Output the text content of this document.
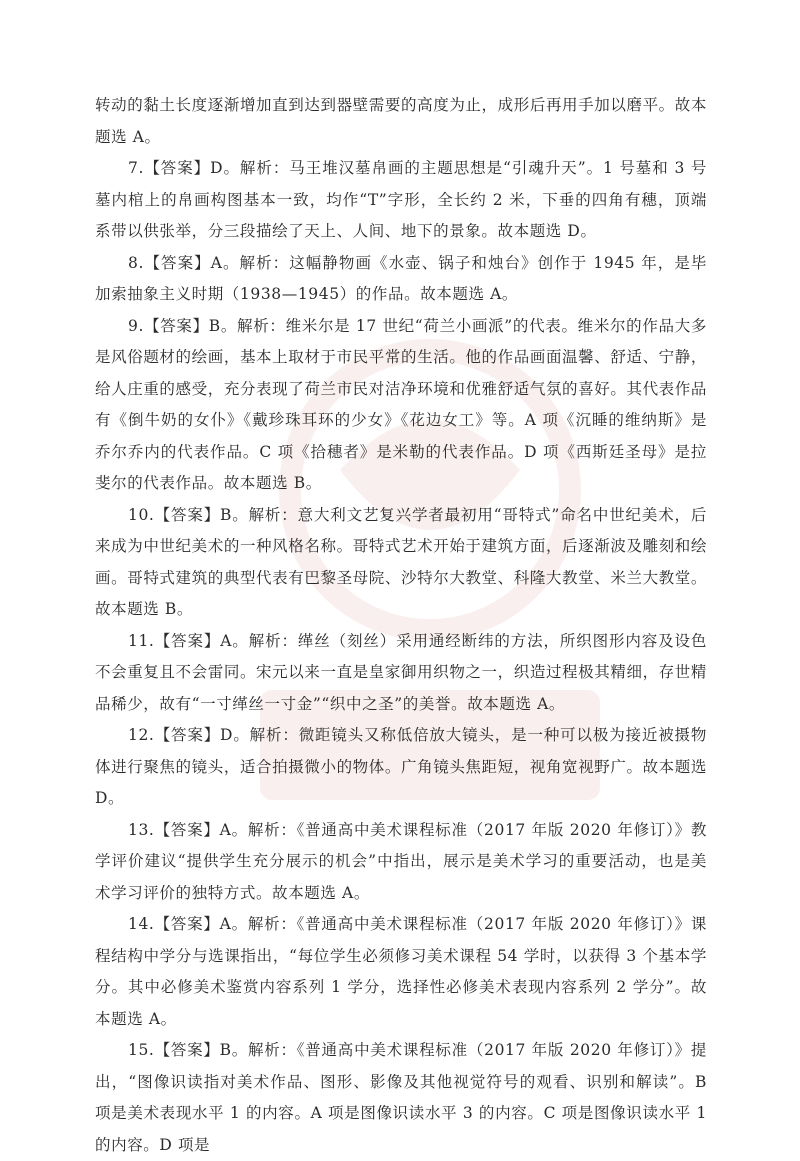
转动的黏土长度逐渐增加直到达到器壁需要的高度为止，成形后再用手加以磨平。故本题选 A。

7.【答案】D。解析：马王堆汉墓帛画的主题思想是“引魂升天”。1 号墓和 3 号墓内棺上的帛画构图基本一致，均作“T”字形，全长约 2 米，下垂的四角有穗，顶端系带以供张举，分三段描绘了天上、人间、地下的景象。故本题选 D。

8.【答案】A。解析：这幅静物画《水壶、锅子和烛台》创作于 1945 年，是毕加索抽象主义时期（1938—1945）的作品。故本题选 A。

9.【答案】B。解析：维米尔是 17 世纪“荷兰小画派”的代表。维米尔的作品大多是风俗题材的绘画，基本上取材于市民平常的生活。他的作品画面温馨、舒适、宁静，给人庄重的感受，充分表现了荷兰市民对洁净环境和优雅舒适气氛的喜好。其代表作品有《倒牛奶的女仆》《戴珍珠耳环的少女》《花边女工》等。A 项《沉睡的维纳斯》是乔尔乔内的代表作品。C 项《拾穗者》是米勒的代表作品。D 项《西斯廷圣母》是拉斐尔的代表作品。故本题选 B。

10.【答案】B。解析：意大利文艺复兴学者最初用“哥特式”命名中世纪美术，后来成为中世纪美术的一种风格名称。哥特式艺术开始于建筑方面，后逐渐波及雕刻和绘画。哥特式建筑的典型代表有巴黎圣母院、沙特尔大教堂、科隆大教堂、米兰大教堂。故本题选 B。

11.【答案】A。解析：缂丝（刻丝）采用通经断纬的方法，所织图形内容及设色不会重复且不会雷同。宋元以来一直是皇家御用织物之一，织造过程极其精细，存世精品稀少，故有“一寸缂丝一寸金”“织中之圣”的美誉。故本题选 A。

12.【答案】D。解析：微距镜头又称低倍放大镜头，是一种可以极为接近被摄物体进行聚焦的镜头，适合拍摄微小的物体。广角镜头焦距短，视角宽视野广。故本题选 D。

13.【答案】A。解析：《普通高中美术课程标准（2017 年版 2020 年修订）》教学评价建议“提供学生充分展示的机会”中指出，展示是美术学习的重要活动，也是美术学习评价的独特方式。故本题选 A。

14.【答案】A。解析：《普通高中美术课程标准（2017 年版 2020 年修订）》课程结构中学分与选课指出，“每位学生必须修习美术课程 54 学时，以获得 3 个基本学分。其中必修美术鉴赏内容系列 1 学分，选择性必修美术表现内容系列 2 学分”。故本题选 A。

15.【答案】B。解析：《普通高中美术课程标准（2017 年版 2020 年修订）》提出，“图像识读指对美术作品、图形、影像及其他视觉符号的观看、识别和解读”。B 项是美术表现水平 1 的内容。A 项是图像识读水平 3 的内容。C 项是图像识读水平 1 的内容。D 项是
